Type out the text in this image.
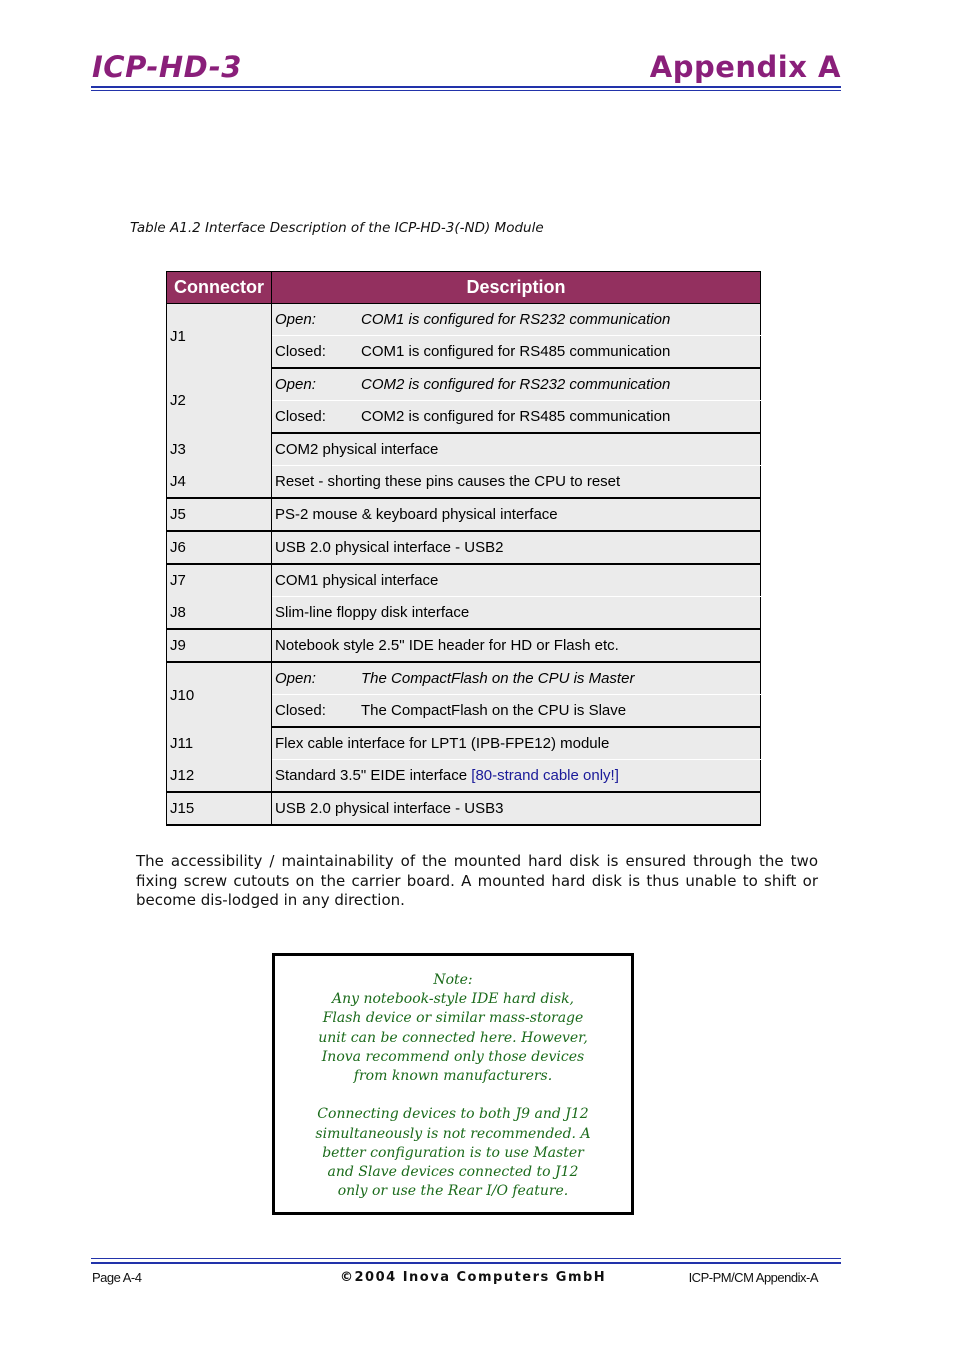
ICP-HD-3	Appendix A
Table A1.2 Interface Description of the ICP-HD-3(-ND) Module
Connector	Description
J1	Open: COM1 is configured for RS232 communication
	Closed: COM1 is configured for RS485 communication
J2	Open: COM2 is configured for RS232 communication
	Closed: COM2 is configured for RS485 communication
J3	COM2 physical interface
J4	Reset - shorting these pins causes the CPU to reset
J5	PS-2 mouse & keyboard physical interface
J6	USB 2.0 physical interface - USB2
J7	COM1 physical interface
J8	Slim-line floppy disk interface
J9	Notebook style 2.5" IDE header for HD or Flash etc.
J10	Open: The CompactFlash on the CPU is Master
	Closed: The CompactFlash on the CPU is Slave
J11	Flex cable interface for LPT1 (IPB-FPE12) module
J12	Standard 3.5" EIDE interface [80-strand cable only!]
J15	USB 2.0 physical interface - USB3
The accessibility / maintainability of the mounted hard disk is ensured through the two fixing screw cutouts on the carrier board. A mounted hard disk is thus unable to shift or become dis-lodged in any direction.
Note:
Any notebook-style IDE hard disk,
Flash device or similar mass-storage
unit can be connected here. However,
Inova recommend only those devices
from known manufacturers.
Connecting devices to both J9 and J12
simultaneously is not recommended. A
better configuration is to use Master
and Slave devices connected to J12
only or use the Rear I/O feature.
Page A-4	©2004 Inova Computers GmbH	ICP-PM/CM Appendix-A
